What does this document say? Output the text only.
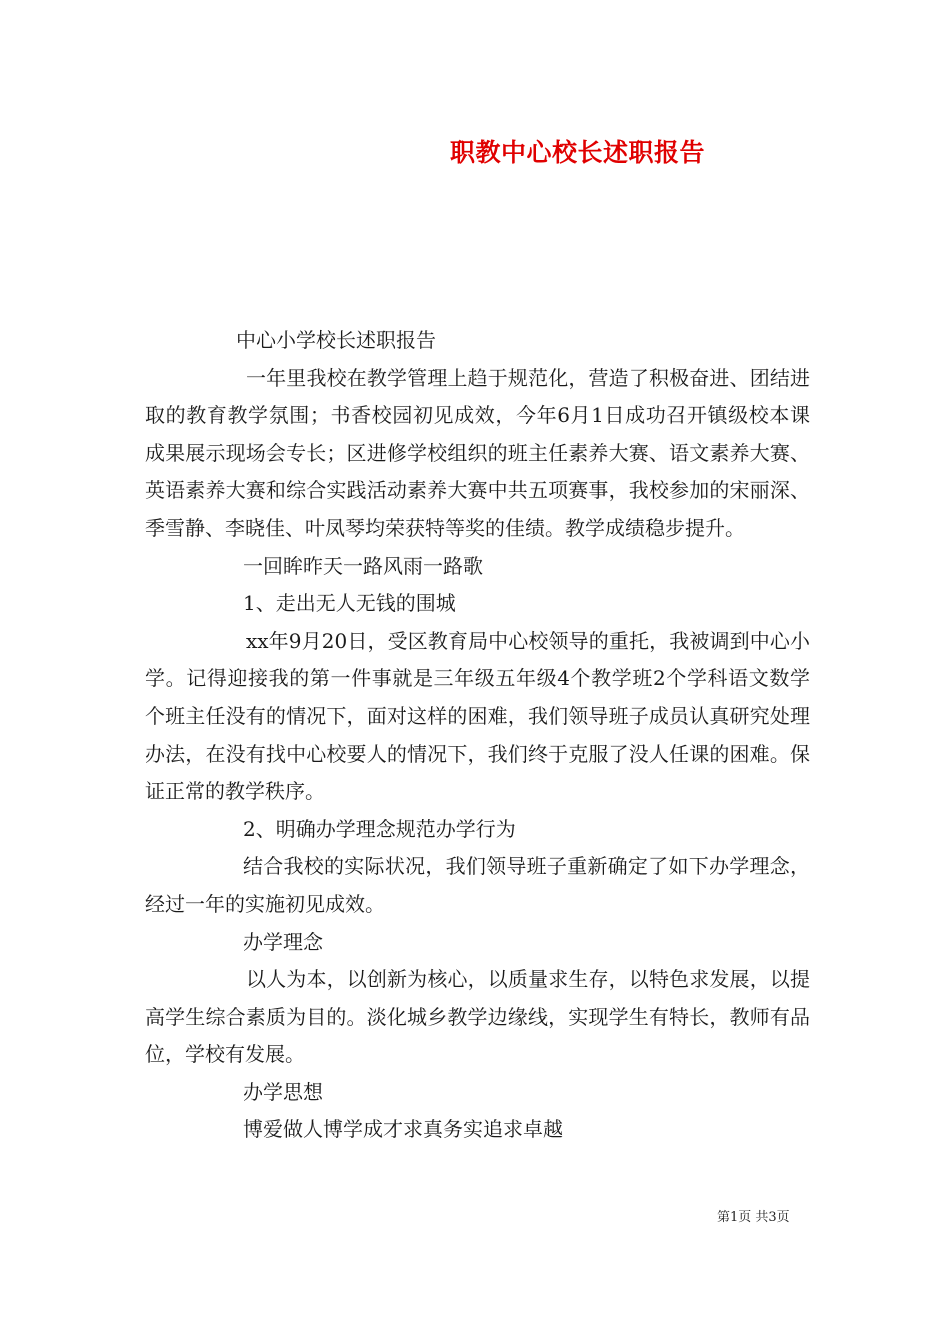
职教中心校长述职报告

中心小学校长述职报告

一年里我校在教学管理上趋于规范化，营造了积极奋进、团结进取的教育教学氛围；书香校园初见成效，今年6月1日成功召开镇级校本课成果展示现场会专长；区进修学校组织的班主任素养大赛、语文素养大赛、英语素养大赛和综合实践活动素养大赛中共五项赛事，我校参加的宋丽深、季雪静、李晓佳、叶凤琴均荣获特等奖的佳绩。教学成绩稳步提升。

一回眸昨天一路风雨一路歌

1、走出无人无钱的围城

xx年9月20日，受区教育局中心校领导的重托，我被调到中心小学。记得迎接我的第一件事就是三年级五年级4个教学班2个学科语文数学个班主任没有的情况下，面对这样的困难，我们领导班子成员认真研究处理办法，在没有找中心校要人的情况下，我们终于克服了没人任课的困难。保证正常的教学秩序。

2、明确办学理念规范办学行为

结合我校的实际状况，我们领导班子重新确定了如下办学理念，经过一年的实施初见成效。

办学理念

以人为本，以创新为核心，以质量求生存，以特色求发展，以提高学生综合素质为目的。淡化城乡教学边缘线，实现学生有特长，教师有品位，学校有发展。

办学思想

博爱做人博学成才求真务实追求卓越

第1页 共3页
